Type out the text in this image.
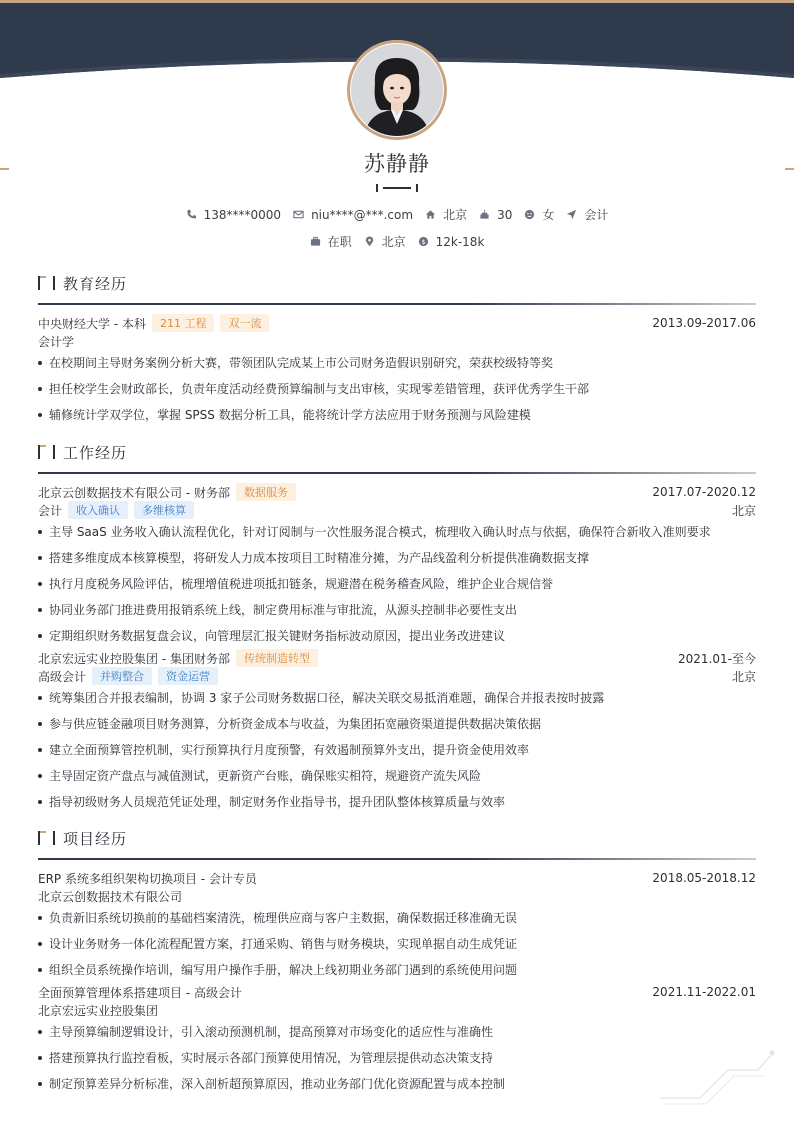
苏静静
138****0000	niu****@***.com	北京	30	女	会计
在职	北京 $ 12k-18k
教育经历
中央财经大学 - 本科	211 工程	双一流	2013.09-2017.06
会计学
在校期间主导财务案例分析大赛，带领团队完成某上市公司财务造假识别研究，荣获校级特等奖
担任校学生会财政部长，负责年度活动经费预算编制与支出审核，实现零差错管理，获评优秀学生干部
辅修统计学双学位，掌握 SPSS 数据分析工具，能将统计学方法应用于财务预测与风险建模
工作经历
北京云创数据技术有限公司 - 财务部	数据服务	2017.07-2020.12
会计	收入确认	多维核算	北京
主导 SaaS 业务收入确认流程优化，针对订阅制与一次性服务混合模式，梳理收入确认时点与依据，确保符合新收入准则要求
搭建多维度成本核算模型，将研发人力成本按项目工时精准分摊，为产品线盈利分析提供准确数据支撑
执行月度税务风险评估，梳理增值税进项抵扣链条，规避潜在税务稽查风险，维护企业合规信誉
协同业务部门推进费用报销系统上线，制定费用标准与审批流，从源头控制非必要性支出
定期组织财务数据复盘会议，向管理层汇报关键财务指标波动原因，提出业务改进建议
北京宏远实业控股集团 - 集团财务部	传统制造转型	2021.01-至今
高级会计	并购整合	资金运营	北京
统筹集团合并报表编制，协调 3 家子公司财务数据口径，解决关联交易抵消难题，确保合并报表按时披露
参与供应链金融项目财务测算，分析资金成本与收益，为集团拓宽融资渠道提供数据决策依据
建立全面预算管控机制，实行预算执行月度预警，有效遏制预算外支出，提升资金使用效率
主导固定资产盘点与减值测试，更新资产台账，确保账实相符，规避资产流失风险
指导初级财务人员规范凭证处理，制定财务作业指导书，提升团队整体核算质量与效率
项目经历
ERP 系统多组织架构切换项目 - 会计专员	2018.05-2018.12
北京云创数据技术有限公司
负责新旧系统切换前的基础档案清洗，梳理供应商与客户主数据，确保数据迁移准确无误
设计业务财务一体化流程配置方案，打通采购、销售与财务模块，实现单据自动生成凭证
组织全员系统操作培训，编写用户操作手册，解决上线初期业务部门遇到的系统使用问题
全面预算管理体系搭建项目 - 高级会计	2021.11-2022.01
北京宏远实业控股集团
主导预算编制逻辑设计，引入滚动预测机制，提高预算对市场变化的适应性与准确性
搭建预算执行监控看板，实时展示各部门预算使用情况，为管理层提供动态决策支持
制定预算差异分析标准，深入剖析超预算原因，推动业务部门优化资源配置与成本控制
